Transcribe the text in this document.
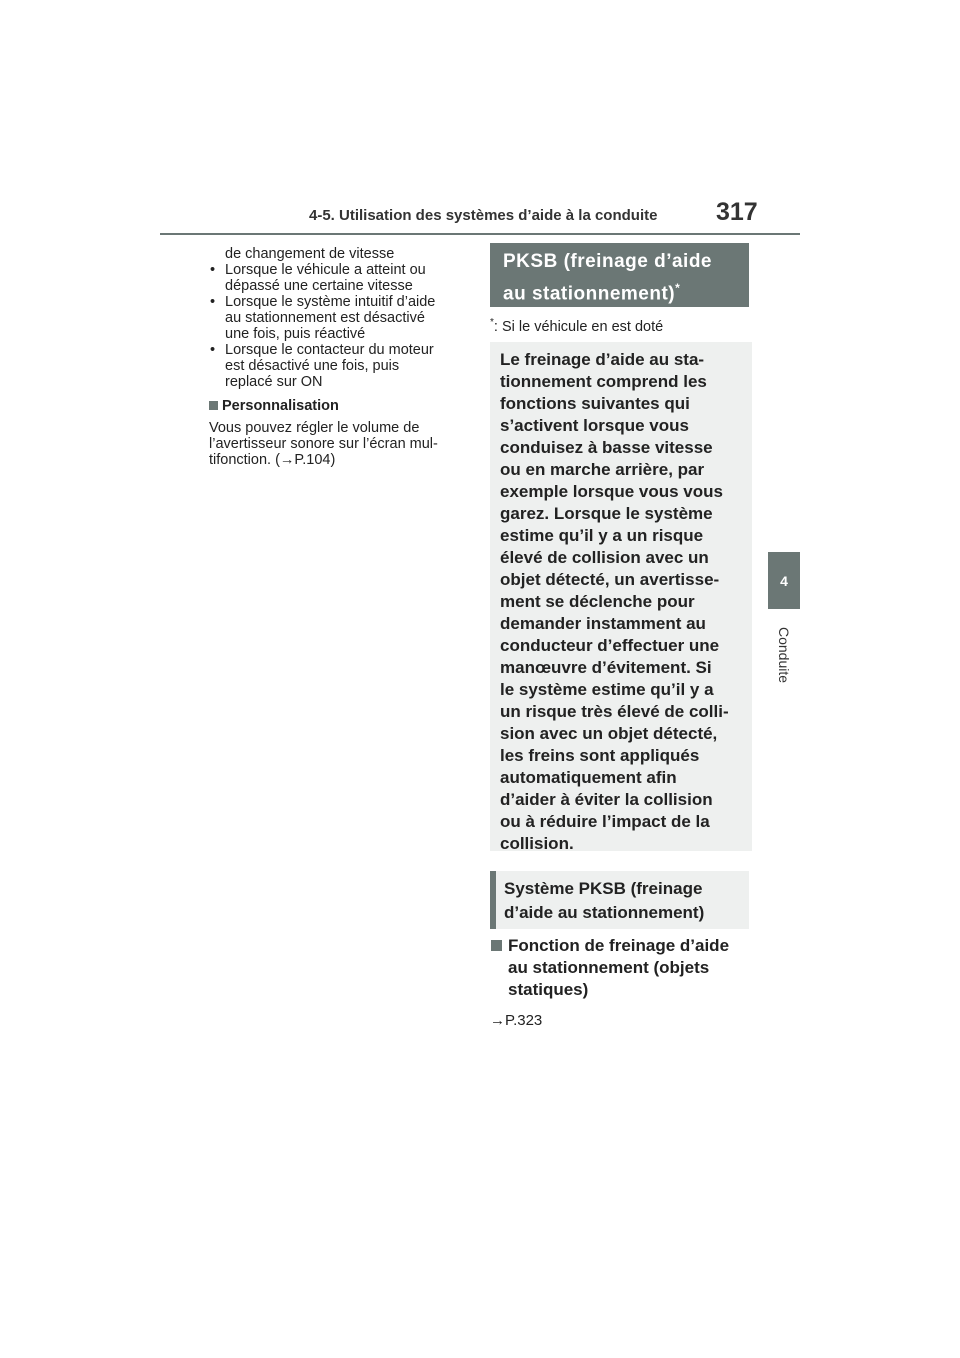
4-5. Utilisation des systèmes d’aide à la conduite 317
4
Conduite
de changement de vitesse
• Lorsque le véhicule a atteint ou
dépassé une certaine vitesse
• Lorsque le système intuitif d’aide
au stationnement est désactivé
une fois, puis réactivé
• Lorsque le contacteur du moteur
est désactivé une fois, puis
replacé sur ON
Personnalisation
Vous pouvez régler le volume de
l’avertisseur sonore sur l’écran mul-
tifonction. (→P.104)
PKSB (freinage d’aide
au stationnement)*
*: Si le véhicule en est doté
Le freinage d’aide au sta-
tionnement comprend les
fonctions suivantes qui
s’activent lorsque vous
conduisez à basse vitesse
ou en marche arrière, par
exemple lorsque vous vous
garez. Lorsque le système
estime qu’il y a un risque
élevé de collision avec un
objet détecté, un avertisse-
ment se déclenche pour
demander instamment au
conducteur d’effectuer une
manœuvre d’évitement. Si
le système estime qu’il y a
un risque très élevé de colli-
sion avec un objet détecté,
les freins sont appliqués
automatiquement afin
d’aider à éviter la collision
ou à réduire l’impact de la
collision.
Système PKSB (freinage
d’aide au stationnement)
Fonction de freinage d’aide
au stationnement (objets
statiques)
→P.323
